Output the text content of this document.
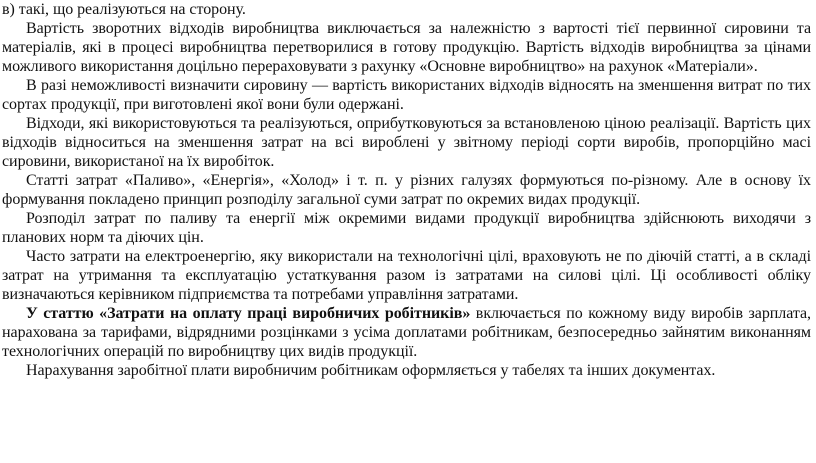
в) такі, що реалізуються на сторону.

Вартість зворотних відходів виробництва виключається за належністю з вартості тієї первинної сировини та матеріалів, які в процесі виробництва перетворилися в готову продукцію. Вартість відходів виробництва за цінами можливого використання доцільно перераховувати з рахунку «Основне виробництво» на рахунок «Матеріали».

В разі неможливості визначити сировину — вартість використаних відходів відносять на зменшення витрат по тих сортах продукції, при виготовлені якої вони були одержані.

Відходи, які використовуються та реалізуються, оприбутковуються за встановленою ціною реалізації. Вартість цих відходів відноситься на зменшення затрат на всі вироблені у звітному періоді сорти виробів, пропорційно масі сировини, використаної на їх виробіток.

Статті затрат «Паливо», «Енергія», «Холод» і т. п. у різних галузях формуються по-різному. Але в основу їх формування покладено принцип розподілу загальної суми затрат по окремих видах продукції.

Розподіл затрат по паливу та енергії між окремими видами продукції виробництва здійснюють виходячи з планових норм та діючих цін.

Часто затрати на електроенергію, яку використали на технологічні цілі, враховують не по діючій статті, а в складі затрат на утримання та експлуатацію устаткування разом із затратами на силові цілі. Ці особливості обліку визначаються керівником підприємства та потребами управління затратами.

У статтю «Затрати на оплату праці виробничих робітників» включається по кожному виду виробів зарплата, нарахована за тарифами, відрядними розцінками з усіма доплатами робітникам, безпосередньо зайнятим виконанням технологічних операцій по виробництву цих видів продукції.

Нарахування заробітної плати виробничим робітникам оформляється у табелях та інших документах.
